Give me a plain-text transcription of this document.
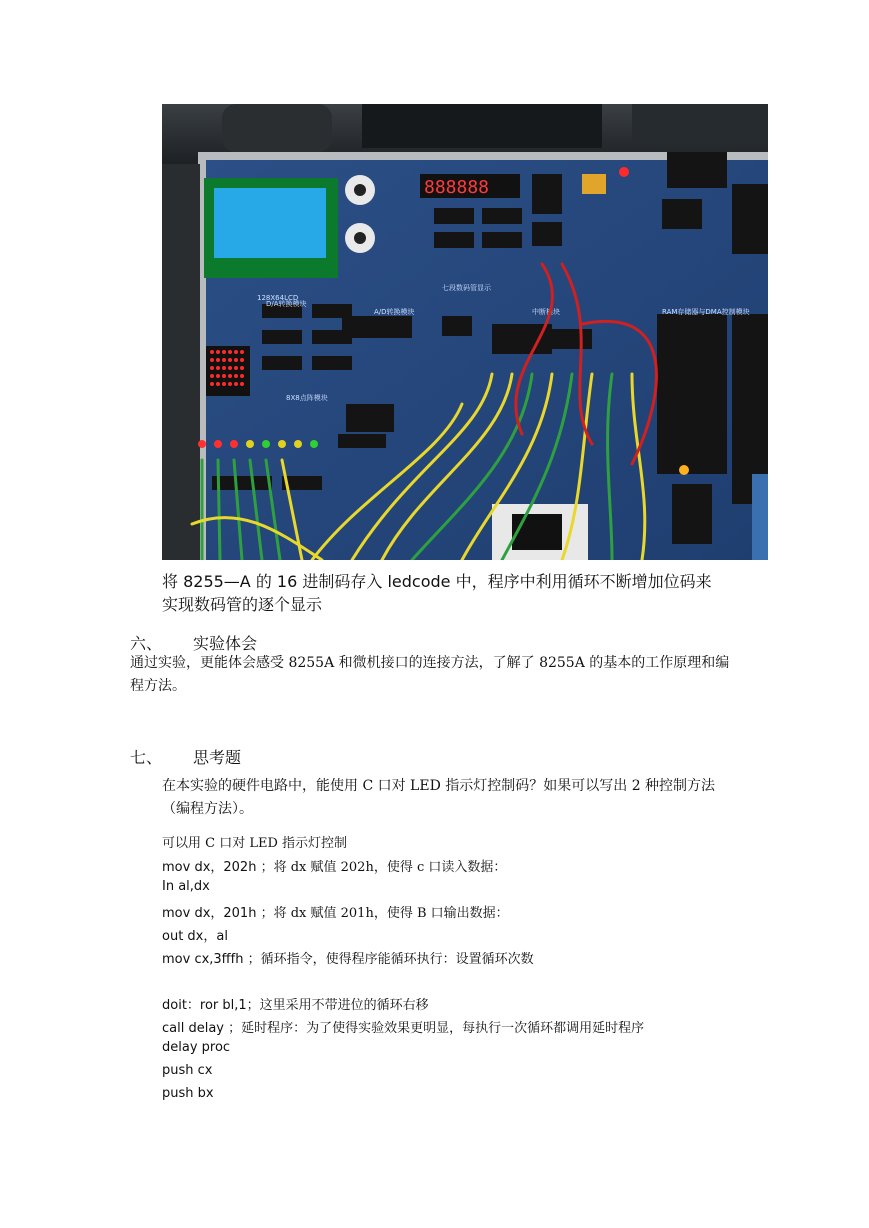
128X64LCD
888888
七段数码管显示
D/A转换模块
A/D转换模块	中断模块	RAM存储器与DMA控制模块
8X8点阵模块
将 8255—A 的 16 进制码存入 ledcode 中，程序中利用循环不断增加位码来
实现数码管的逐个显示
六、 实验体会
通过实验，更能体会感受 8255A 和微机接口的连接方法，了解了 8255A 的基本的工作原理和编程方法。
七、 思考题
在本实验的硬件电路中，能使用 C 口对 LED 指示灯控制码？如果可以写出 2 种控制方法（编程方法）。
可以用 C 口对 LED 指示灯控制
mov dx，202h ；将 dx 赋值 202h，使得 c 口读入数据：
In al,dx
mov dx，201h ；将 dx 赋值 201h，使得 B 口输出数据：
out dx，al
mov cx,3fffh ；循环指令，使得程序能循环执行：设置循环次数
doit：ror bl,1；这里采用不带进位的循环右移
call delay ；延时程序：为了使得实验效果更明显，每执行一次循环都调用延时程序
delay proc
push cx
push bx
